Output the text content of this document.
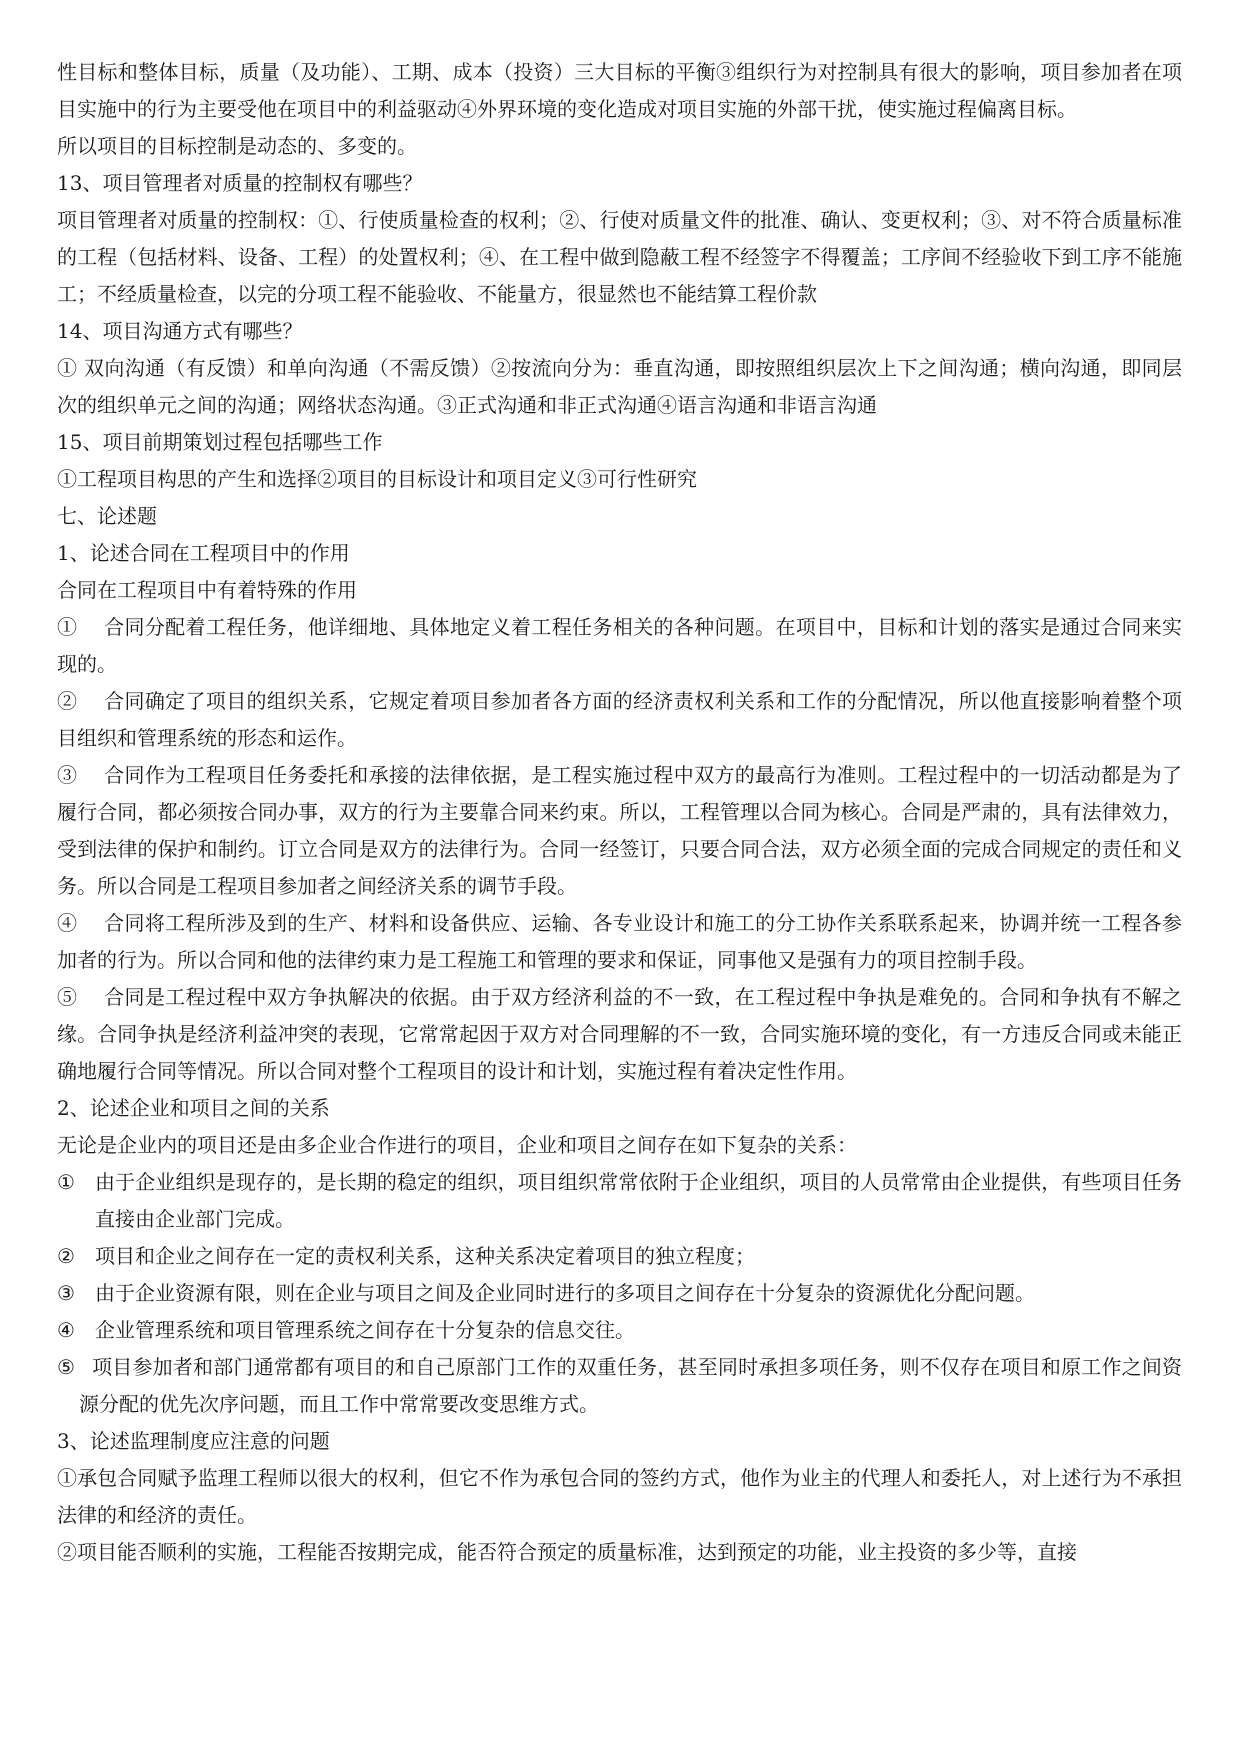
性目标和整体目标，质量（及功能）、工期、成本（投资）三大目标的平衡③组织行为对控制具有很大的影响，项目参加者在项目实施中的行为主要受他在项目中的利益驱动④外界环境的变化造成对项目实施的外部干扰，使实施过程偏离目标。

所以项目的目标控制是动态的、多变的。

13、项目管理者对质量的控制权有哪些？

项目管理者对质量的控制权：①、行使质量检查的权利；②、行使对质量文件的批准、确认、变更权利；③、对不符合质量标准的工程（包括材料、设备、工程）的处置权利；④、在工程中做到隐蔽工程不经签字不得覆盖；工序间不经验收下到工序不能施工；不经质量检查，以完的分项工程不能验收、不能量方，很显然也不能结算工程价款

14、项目沟通方式有哪些？

① 双向沟通（有反馈）和单向沟通（不需反馈）②按流向分为：垂直沟通，即按照组织层次上下之间沟通；横向沟通，即同层次的组织单元之间的沟通；网络状态沟通。③正式沟通和非正式沟通④语言沟通和非语言沟通

15、项目前期策划过程包括哪些工作

①工程项目构思的产生和选择②项目的目标设计和项目定义③可行性研究

七、论述题

1、论述合同在工程项目中的作用

合同在工程项目中有着特殊的作用

① 合同分配着工程任务，他详细地、具体地定义着工程任务相关的各种问题。在项目中，目标和计划的落实是通过合同来实现的。
② 合同确定了项目的组织关系，它规定着项目参加者各方面的经济责权利关系和工作的分配情况，所以他直接影响着整个项目组织和管理系统的形态和运作。
③ 合同作为工程项目任务委托和承接的法律依据，是工程实施过程中双方的最高行为准则。工程过程中的一切活动都是为了履行合同，都必须按合同办事，双方的行为主要靠合同来约束。所以，工程管理以合同为核心。合同是严肃的，具有法律效力，受到法律的保护和制约。订立合同是双方的法律行为。合同一经签订，只要合同合法，双方必须全面的完成合同规定的责任和义务。所以合同是工程项目参加者之间经济关系的调节手段。
④ 合同将工程所涉及到的生产、材料和设备供应、运输、各专业设计和施工的分工协作关系联系起来，协调并统一工程各参加者的行为。所以合同和他的法律约束力是工程施工和管理的要求和保证，同事他又是强有力的项目控制手段。
⑤ 合同是工程过程中双方争执解决的依据。由于双方经济利益的不一致，在工程过程中争执是难免的。合同和争执有不解之缘。合同争执是经济利益冲突的表现，它常常起因于双方对合同理解的不一致，合同实施环境的变化，有一方违反合同或未能正确地履行合同等情况。所以合同对整个工程项目的设计和计划，实施过程有着决定性作用。

2、论述企业和项目之间的关系

无论是企业内的项目还是由多企业合作进行的项目，企业和项目之间存在如下复杂的关系：

①	由于企业组织是现存的，是长期的稳定的组织，项目组织常常依附于企业组织，项目的人员常常由企业提供，有些项目任务直接由企业部门完成。
②	项目和企业之间存在一定的责权利关系，这种关系决定着项目的独立程度；
③	由于企业资源有限，则在企业与项目之间及企业同时进行的多项目之间存在十分复杂的资源优化分配问题。
④	企业管理系统和项目管理系统之间存在十分复杂的信息交往。
⑤ 项目参加者和部门通常都有项目的和自己原部门工作的双重任务，甚至同时承担多项任务，则不仅存在项目和原工作之间资源分配的优先次序问题，而且工作中常常要改变思维方式。

3、论述监理制度应注意的问题

①承包合同赋予监理工程师以很大的权利，但它不作为承包合同的签约方式，他作为业主的代理人和委托人，对上述行为不承担法律的和经济的责任。
②项目能否顺利的实施，工程能否按期完成，能否符合预定的质量标准，达到预定的功能，业主投资的多少等，直接
